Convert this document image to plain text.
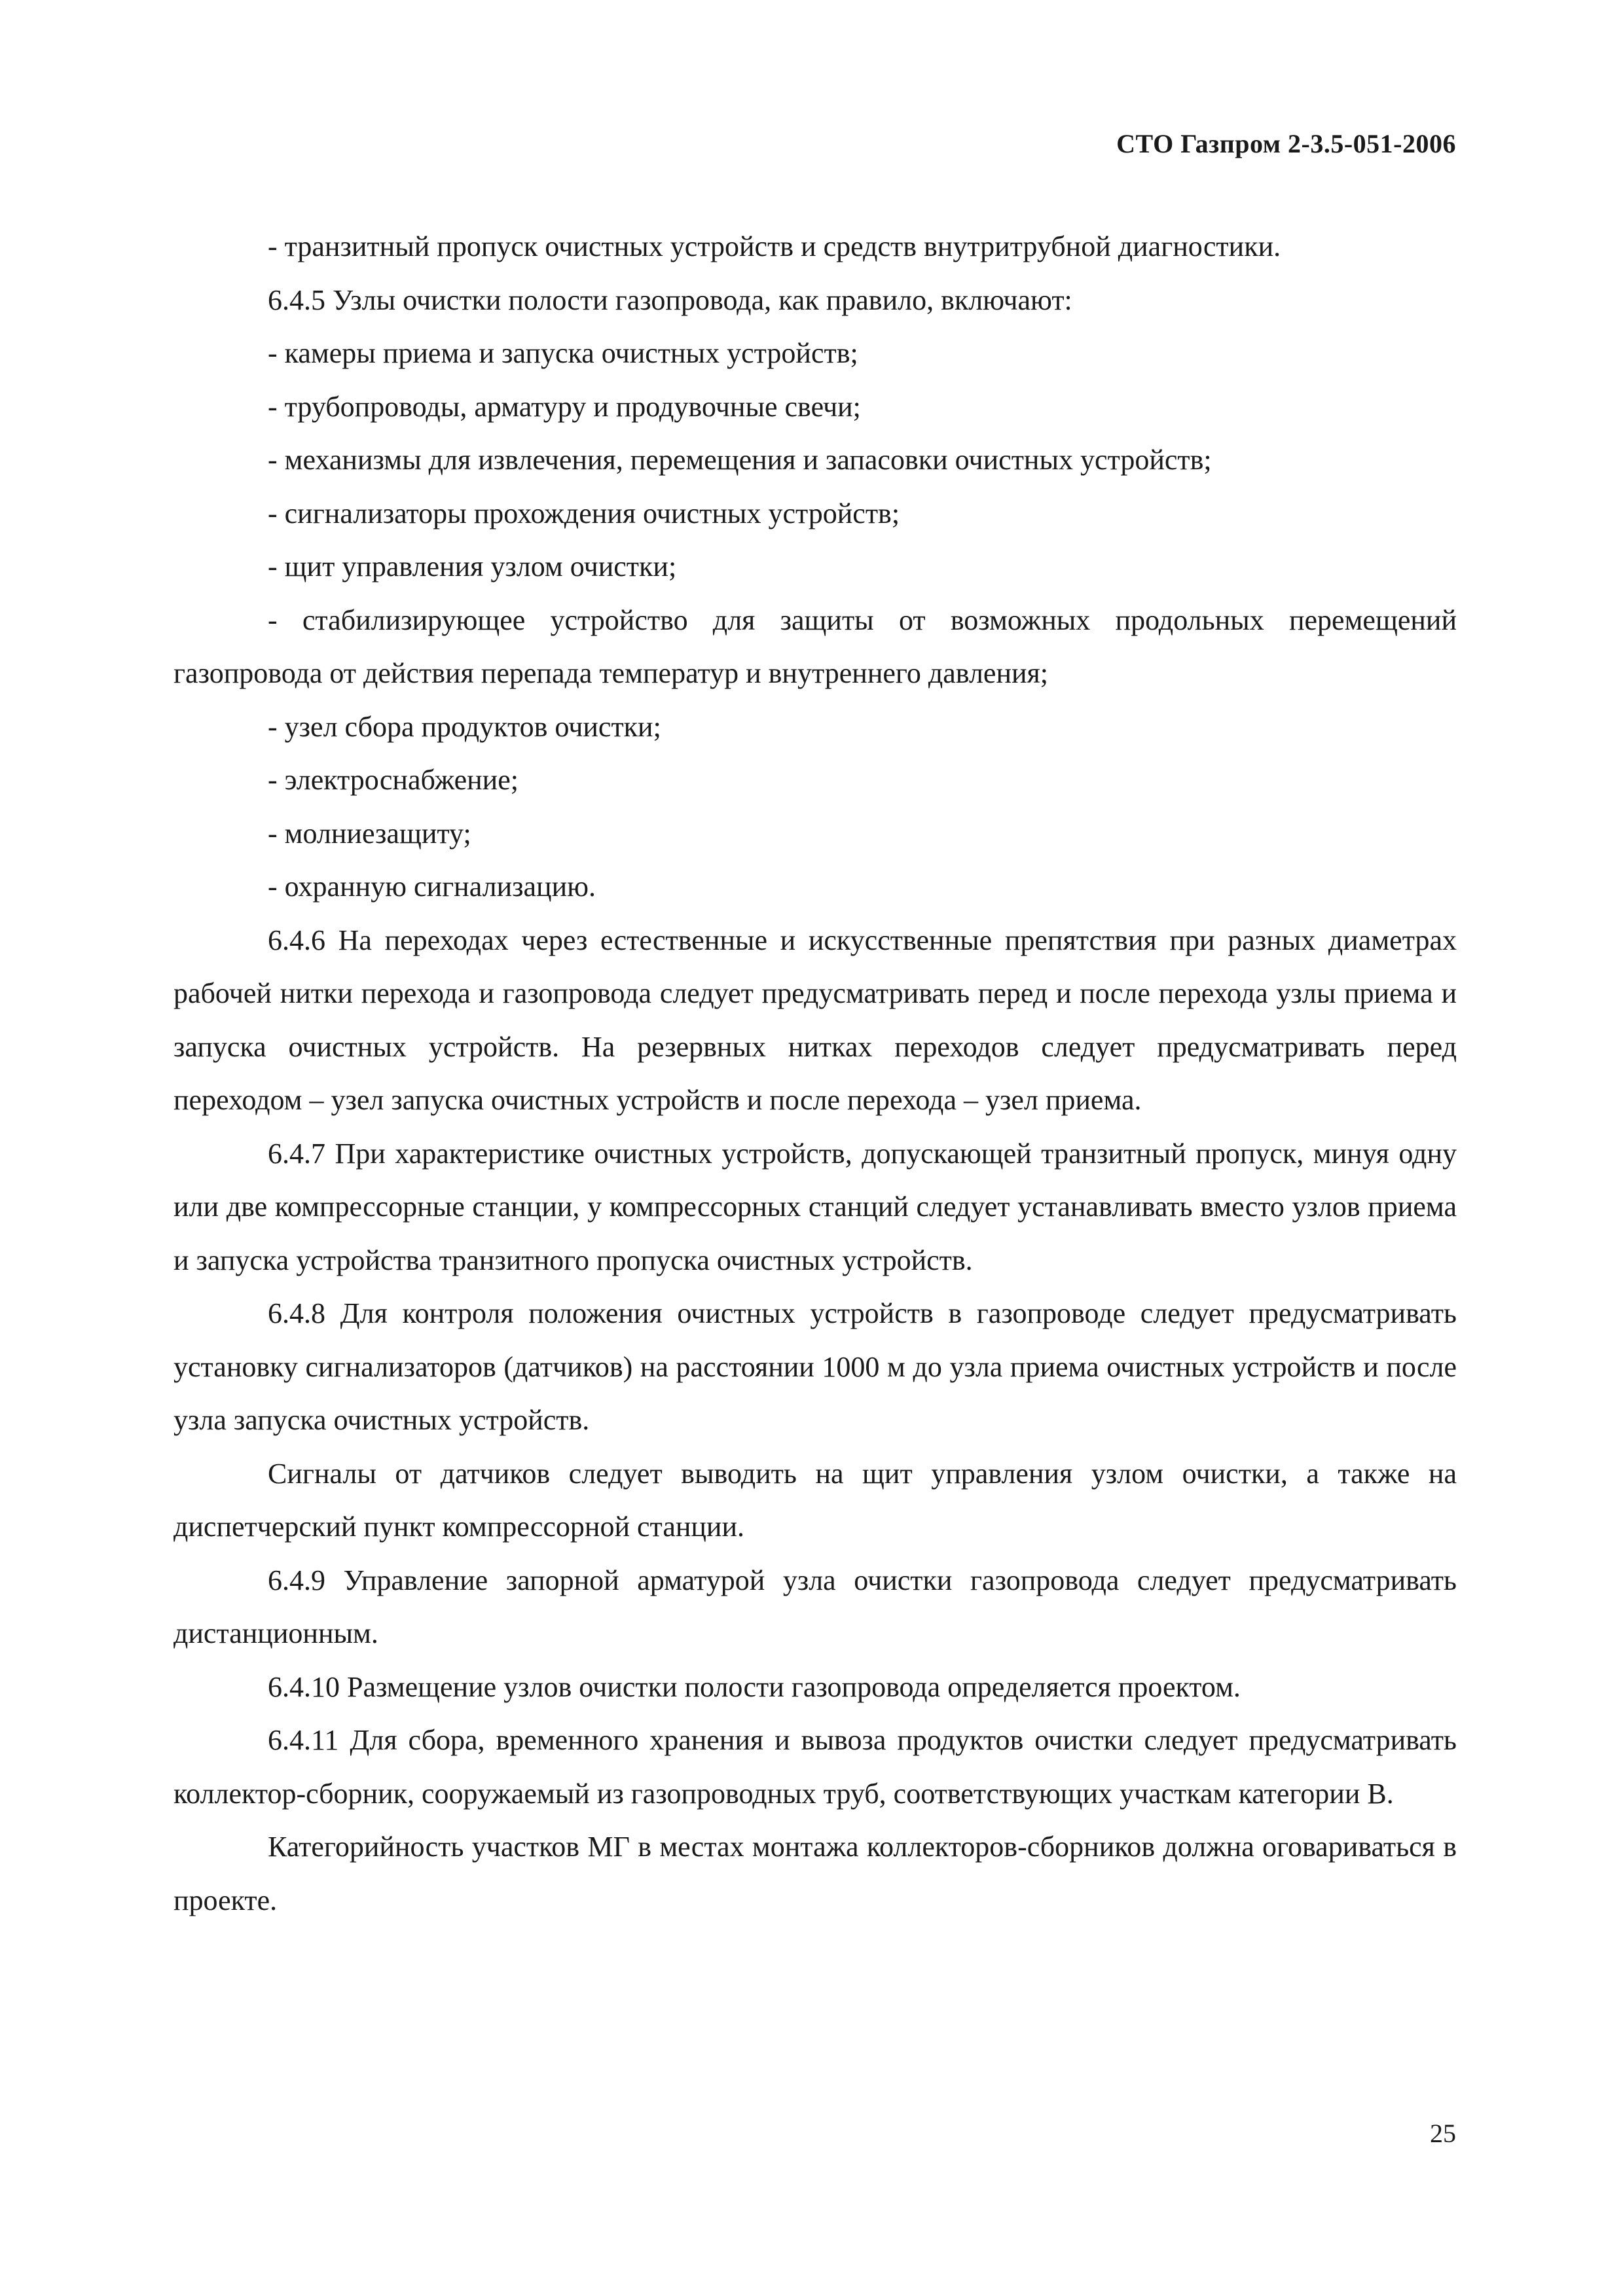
СТО Газпром 2-3.5-051-2006

- транзитный пропуск очистных устройств и средств внутритрубной диагностики.

6.4.5 Узлы очистки полости газопровода, как правило, включают:

- камеры приема и запуска очистных устройств;

- трубопроводы, арматуру и продувочные свечи;

- механизмы для извлечения, перемещения и запасовки очистных устройств;

- сигнализаторы прохождения очистных устройств;

- щит управления узлом очистки;

- стабилизирующее устройство для защиты от возможных продольных перемещений газопровода от действия перепада температур и внутреннего давления;

- узел сбора продуктов очистки;

- электроснабжение;

- молниезащиту;

- охранную сигнализацию.

6.4.6 На переходах через естественные и искусственные препятствия при разных диаметрах рабочей нитки перехода и газопровода следует предусматривать перед и после перехода узлы приема и запуска очистных устройств. На резервных нитках переходов следует предусматривать перед переходом – узел запуска очистных устройств и после перехода – узел приема.

6.4.7 При характеристике очистных устройств, допускающей транзитный пропуск, минуя одну или две компрессорные станции, у компрессорных станций следует устанавливать вместо узлов приема и запуска устройства транзитного пропуска очистных устройств.

6.4.8 Для контроля положения очистных устройств в газопроводе следует предусматривать установку сигнализаторов (датчиков) на расстоянии 1000 м до узла приема очистных устройств и после узла запуска очистных устройств.

Сигналы от датчиков следует выводить на щит управления узлом очистки, а также на диспетчерский пункт компрессорной станции.

6.4.9 Управление запорной арматурой узла очистки газопровода следует предусматривать дистанционным.

6.4.10 Размещение узлов очистки полости газопровода определяется проектом.

6.4.11 Для сбора, временного хранения и вывоза продуктов очистки следует предусматривать коллектор-сборник, сооружаемый из газопроводных труб, соответствующих участкам категории В.

Категорийность участков МГ в местах монтажа коллекторов-сборников должна оговариваться в проекте.

25
